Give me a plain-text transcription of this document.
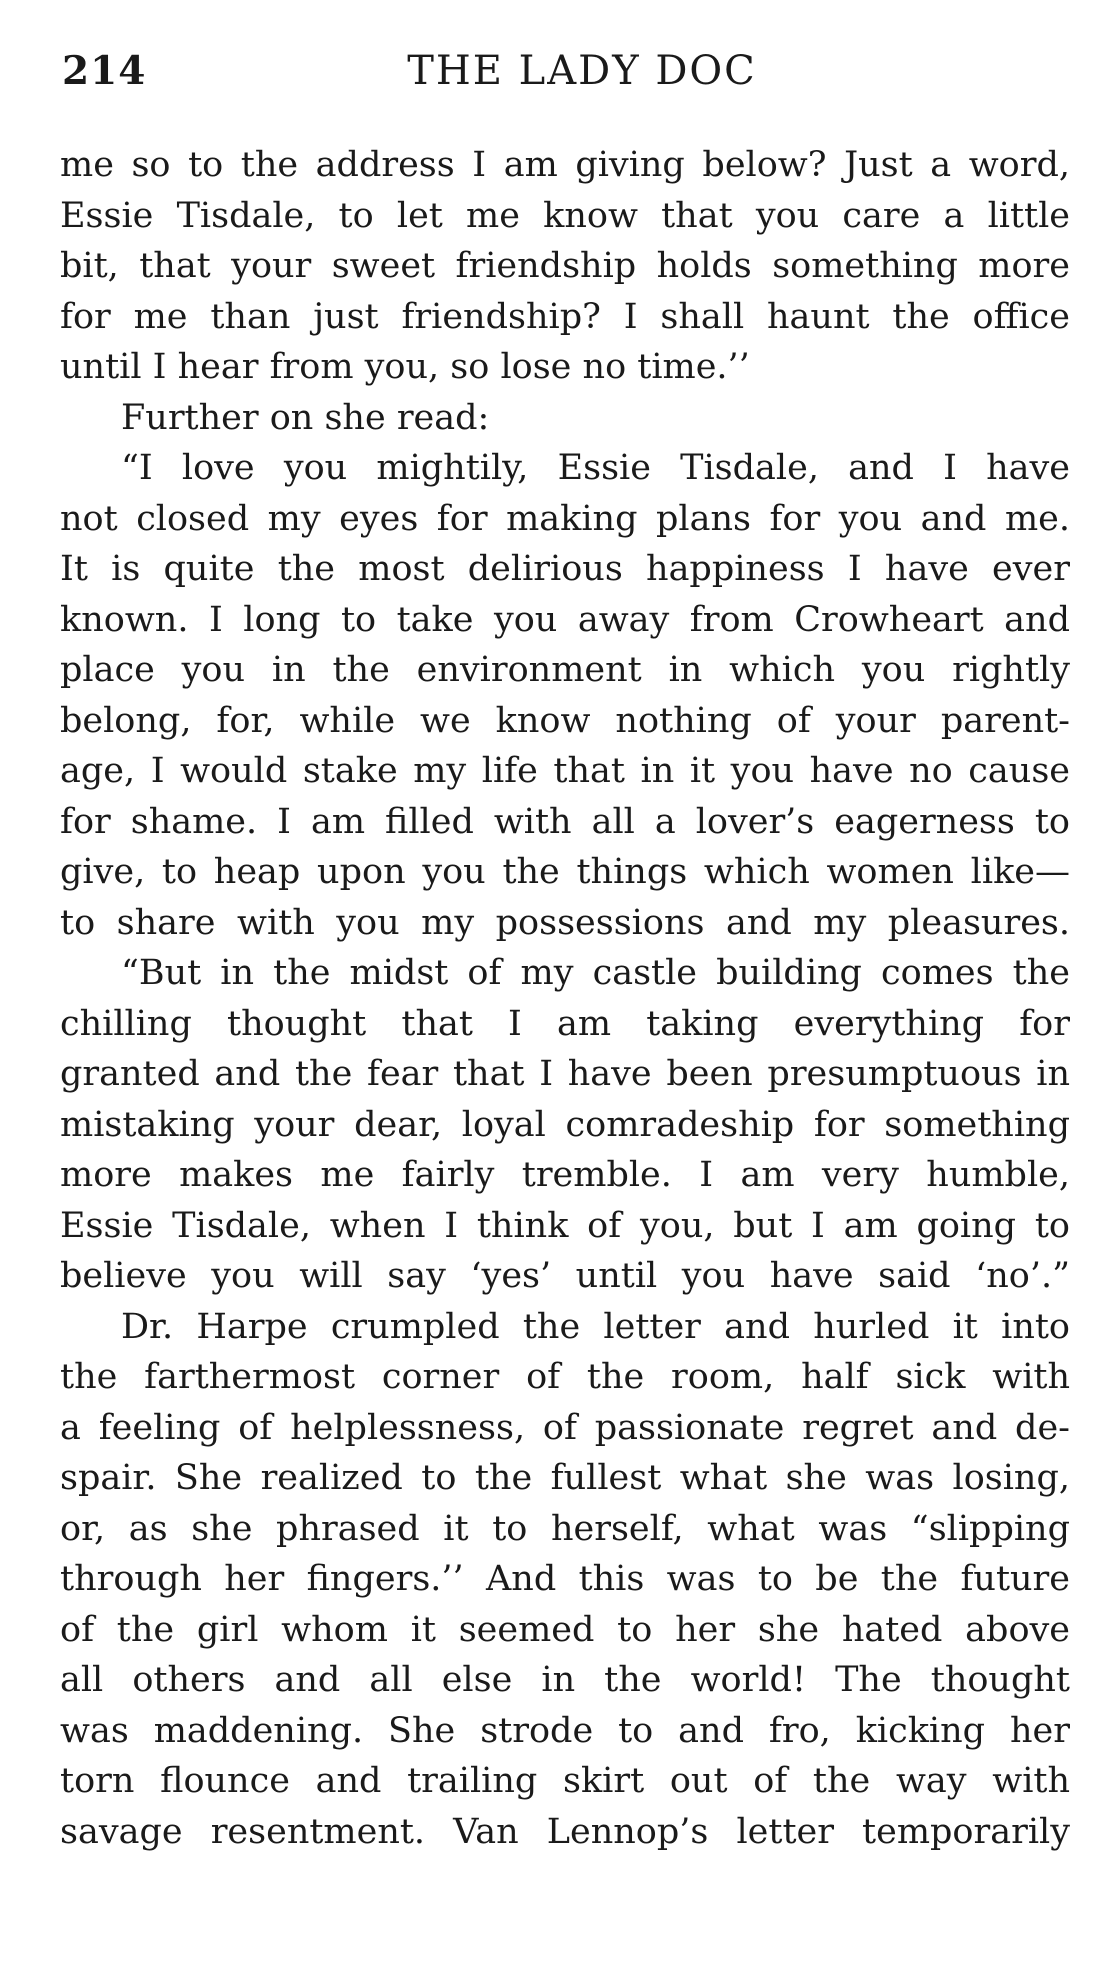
214	THE LADY DOC
me so to the address I am giving below? Just a word,
Essie Tisdale, to let me know that you care a little
bit, that your sweet friendship holds something more
for me than just friendship? I shall haunt the office
until I hear from you, so lose no time.’’
Further on she read:
“I love you mightily, Essie Tisdale, and I have
not closed my eyes for making plans for you and me.
It is quite the most delirious happiness I have ever
known. I long to take you away from Crowheart and
place you in the environment in which you rightly
belong, for, while we know nothing of your parent-
age, I would stake my life that in it you have no cause
for shame. I am filled with all a lover’s eagerness to
give, to heap upon you the things which women like—
to share with you my possessions and my pleasures.
“But in the midst of my castle building comes the
chilling thought that I am taking everything for
granted and the fear that I have been presumptuous in
mistaking your dear, loyal comradeship for something
more makes me fairly tremble. I am very humble,
Essie Tisdale, when I think of you, but I am going to
believe you will say ‘yes’ until you have said ‘no’.”
Dr. Harpe crumpled the letter and hurled it into
the farthermost corner of the room, half sick with
a feeling of helplessness, of passionate regret and de-
spair. She realized to the fullest what she was losing,
or, as she phrased it to herself, what was “slipping
through her fingers.’’ And this was to be the future
of the girl whom it seemed to her she hated above
all others and all else in the world! The thought
was maddening. She strode to and fro, kicking her
torn flounce and trailing skirt out of the way with
savage resentment. Van Lennop’s letter temporarily
